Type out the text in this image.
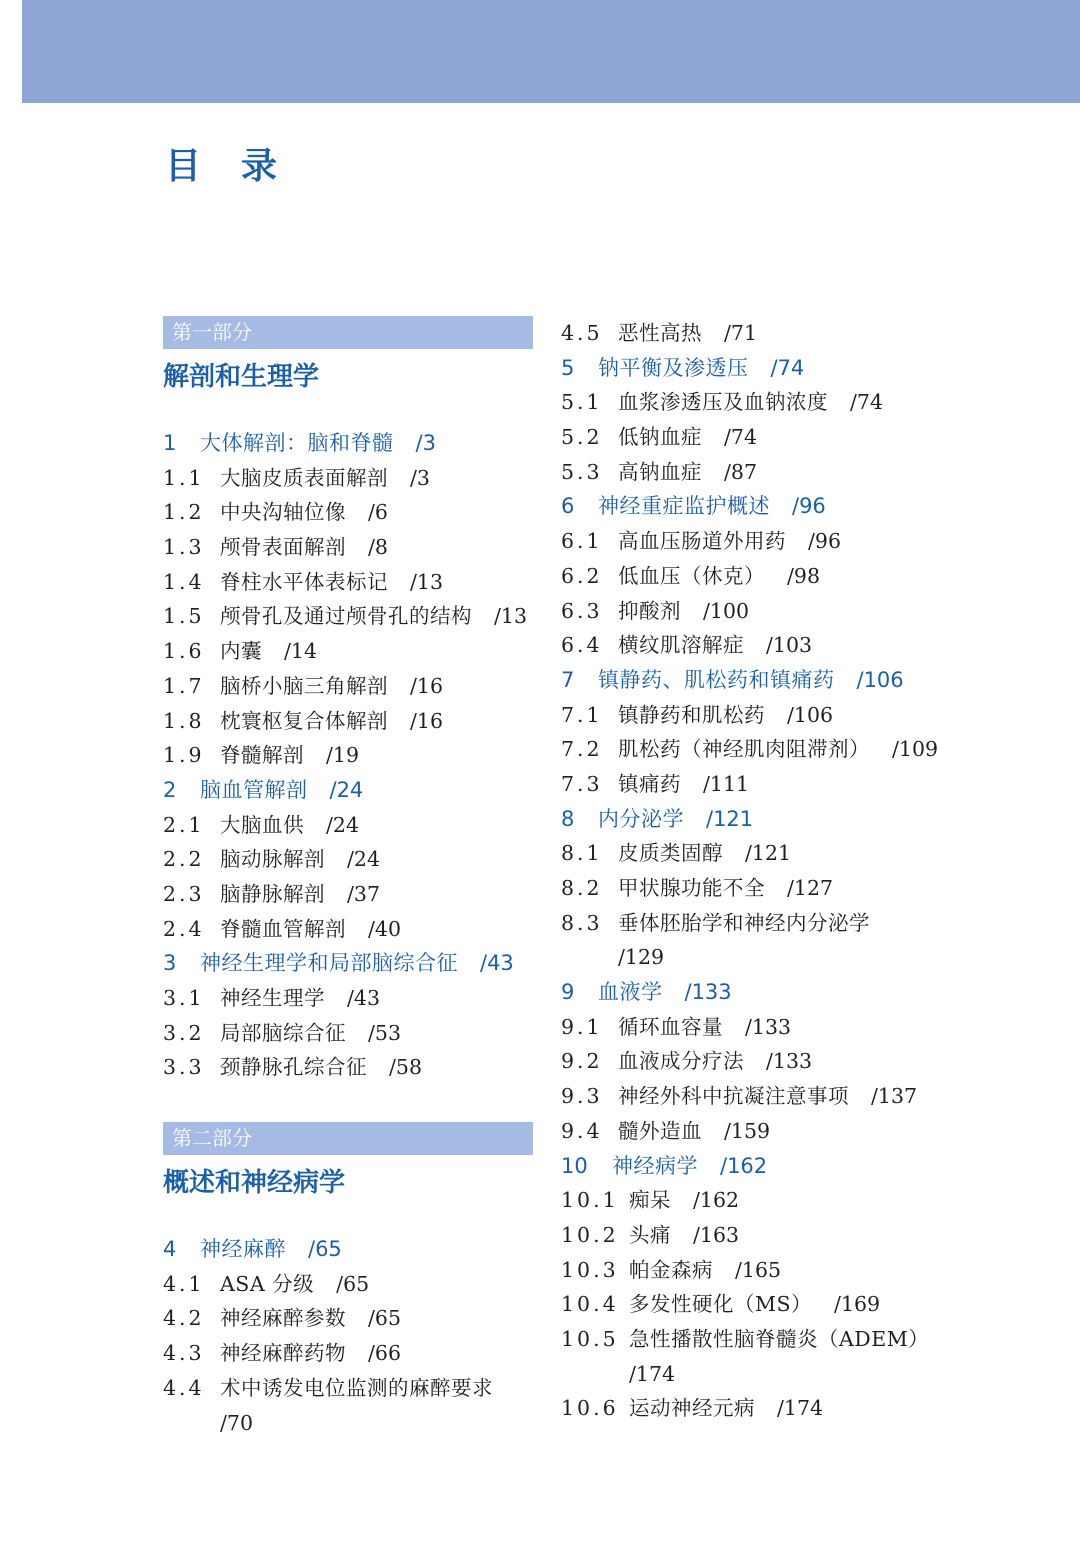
目　录
第一部分
解剖和生理学
1 大体解剖：脑和脊髓 /3
1.1 大脑皮质表面解剖 /3
1.2 中央沟轴位像 /6
1.3 颅骨表面解剖 /8
1.4 脊柱水平体表标记 /13
1.5 颅骨孔及通过颅骨孔的结构 /13
1.6 内囊 /14
1.7 脑桥小脑三角解剖 /16
1.8 枕寰枢复合体解剖 /16
1.9 脊髓解剖 /19
2 脑血管解剖 /24
2.1 大脑血供 /24
2.2 脑动脉解剖 /24
2.3 脑静脉解剖 /37
2.4 脊髓血管解剖 /40
3 神经生理学和局部脑综合征 /43
3.1 神经生理学 /43
3.2 局部脑综合征 /53
3.3 颈静脉孔综合征 /58
第二部分
概述和神经病学
4 神经麻醉 /65
4.1 ASA 分级 /65
4.2 神经麻醉参数 /65
4.3 神经麻醉药物 /66
4.4 术中诱发电位监测的麻醉要求
/70
4.5 恶性高热 /71
5 钠平衡及渗透压 /74
5.1 血浆渗透压及血钠浓度 /74
5.2 低钠血症 /74
5.3 高钠血症 /87
6 神经重症监护概述 /96
6.1 高血压肠道外用药 /96
6.2 低血压（休克） /98
6.3 抑酸剂 /100
6.4 横纹肌溶解症 /103
7 镇静药、肌松药和镇痛药 /106
7.1 镇静药和肌松药 /106
7.2 肌松药（神经肌肉阻滞剂） /109
7.3 镇痛药 /111
8 内分泌学 /121
8.1 皮质类固醇 /121
8.2 甲状腺功能不全 /127
8.3 垂体胚胎学和神经内分泌学
/129
9 血液学 /133
9.1 循环血容量 /133
9.2 血液成分疗法 /133
9.3 神经外科中抗凝注意事项 /137
9.4 髓外造血 /159
10 神经病学 /162
10.1 痴呆 /162
10.2 头痛 /163
10.3 帕金森病 /165
10.4 多发性硬化（MS） /169
10.5 急性播散性脑脊髓炎（ADEM）
/174
10.6 运动神经元病 /174
